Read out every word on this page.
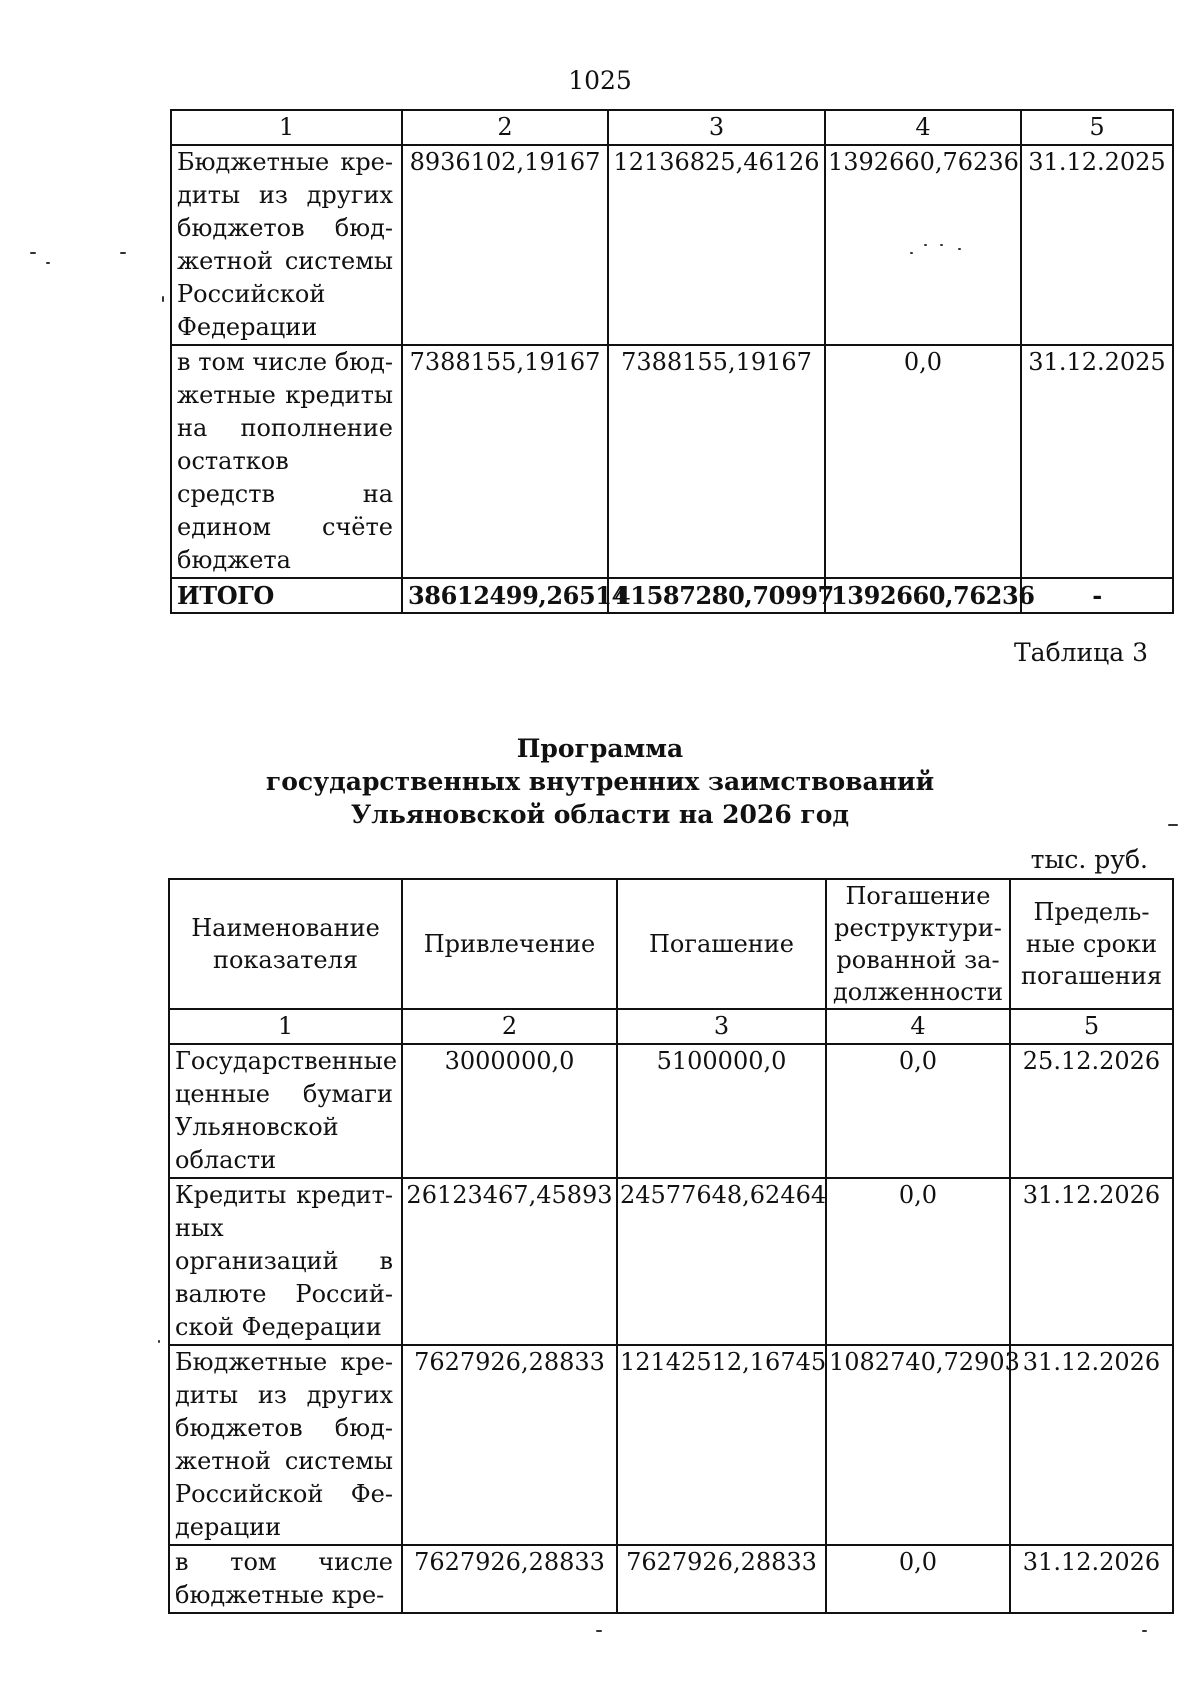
1025
1	2	3	4	5
Бюджетные кре-диты из других бюджетов бюд-жетной системы Российской Федерации	8936102,19167	12136825,46126	1392660,76236	31.12.2025
в том числе бюд-жетные кредиты на пополнение остатков средств на едином счёте бюджета	7388155,19167	7388155,19167	0,0	31.12.2025
ИТОГО	38612499,26514	41587280,70997	1392660,76236	-
Таблица 3
Программа
государственных внутренних заимствований
Ульяновской области на 2026 год
тыс. руб.
Наименование показателя	Привлечение	Погашение	Погашение реструктури-рованной за-долженности	Предель-ные сроки погашения
1	2	3	4	5
Государственные ценные бумаги Ульяновской области	3000000,0	5100000,0	0,0	25.12.2026
Кредиты кредит-ных организаций в валюте Россий-ской Федерации	26123467,45893	24577648,62464	0,0	31.12.2026
Бюджетные кре-диты из других бюджетов бюд-жетной системы Российской Фе-дерации	7627926,28833	12142512,16745	1082740,72903	31.12.2026
в том числе бюджетные кре-	7627926,28833	7627926,28833	0,0	31.12.2026
